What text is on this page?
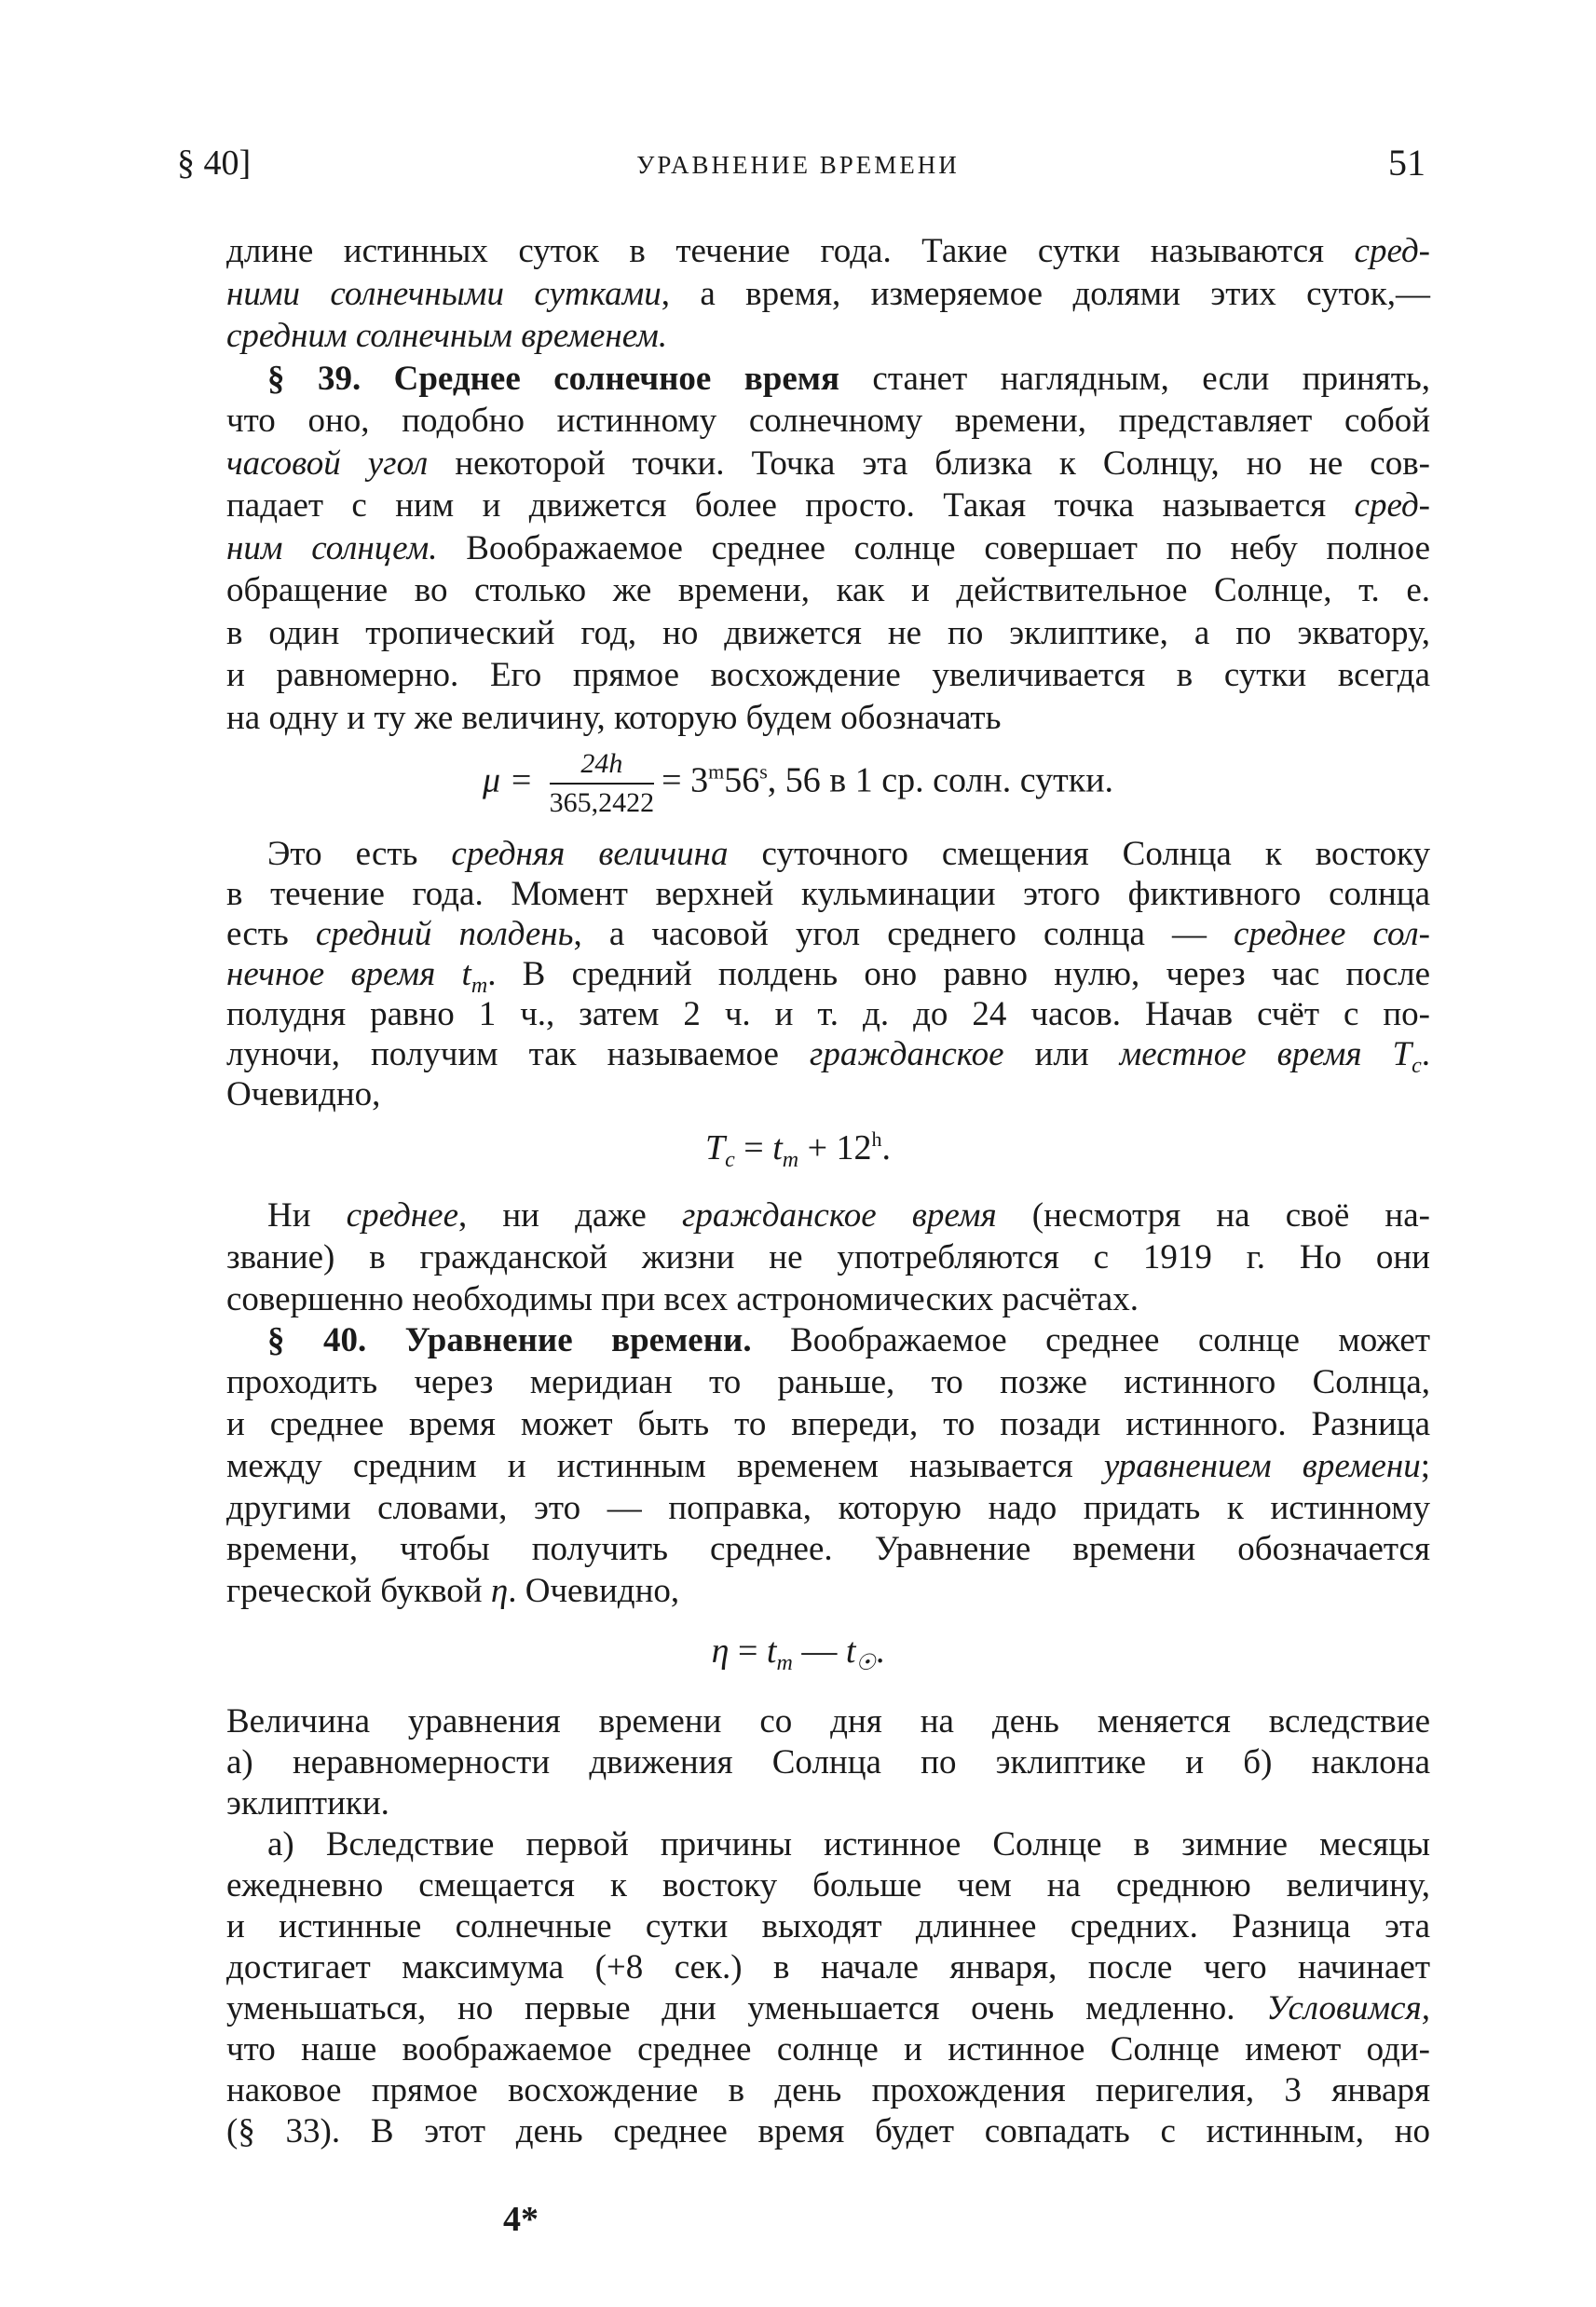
§ 40]	УРАВНЕНИЕ ВРЕМЕНИ	51
длине истинных суток в течение года. Такие сутки называются сред-
ними солнечными сутками, а время, измеряемое долями этих суток,—
средним солнечным временем.
§ 39. Среднее солнечное время станет наглядным, если принять,
что оно, подобно истинному солнечному времени, представляет собой
часовой угол некоторой точки. Точка эта близка к Солнцу, но не сов-
падает с ним и движется более просто. Такая точка называется сред-
ним солнцем. Воображаемое среднее солнце совершает по небу полное
обращение во столько же времени, как и действительное Солнце, т. е.
в один тропический год, но движется не по эклиптике, а по экватору,
и равномерно. Его прямое восхождение увеличивается в сутки всегда
на одну и ту же величину, которую будем обозначать
$\mu = \frac{24h}{365,2422} = 3^m56^s$, 56 в 1 ср. солн. сутки.
Это есть средняя величина суточного смещения Солнца к востоку
в течение года. Момент верхней кульминации этого фиктивного солнца
есть средний полдень, а часовой угол среднего солнца — среднее сол-
нечное время $t_m$. В средний полдень оно равно нулю, через час после
полудня равно 1 ч., затем 2 ч. и т. д. до 24 часов. Начав счёт с по-
луночи, получим так называемое гражданское или местное время $T_c$.
Очевидно,
$T_c = t_m + 12^h$.
Ни среднее, ни даже гражданское время (несмотря на своё на-
звание) в гражданской жизни не употребляются с 1919 г. Но они
совершенно необходимы при всех астрономических расчётах.
§ 40. Уравнение времени. Воображаемое среднее солнце может
проходить через меридиан то раньше, то позже истинного Солнца,
и среднее время может быть то впереди, то позади истинного. Разница
между средним и истинным временем называется уравнением времени;
другими словами, это — поправка, которую надо придать к истинному
времени, чтобы получить среднее. Уравнение времени обозначается
греческой буквой η. Очевидно,
$\eta = t_m$ — $t_☉$.
Величина уравнения времени со дня на день меняется вследствие
а) неравномерности движения Солнца по эклиптике и б) наклона
эклиптики.
а) Вследствие первой причины истинное Солнце в зимние месяцы
ежедневно смещается к востоку больше чем на среднюю величину,
и истинные солнечные сутки выходят длиннее средних. Разница эта
достигает максимума (+8 сек.) в начале января, после чего начинает
уменьшаться, но первые дни уменьшается очень медленно. Условимся,
что наше воображаемое среднее солнце и истинное Солнце имеют оди-
наковое прямое восхождение в день прохождения перигелия, 3 января
(§ 33). В этот день среднее время будет совпадать с истинным, но
4*
